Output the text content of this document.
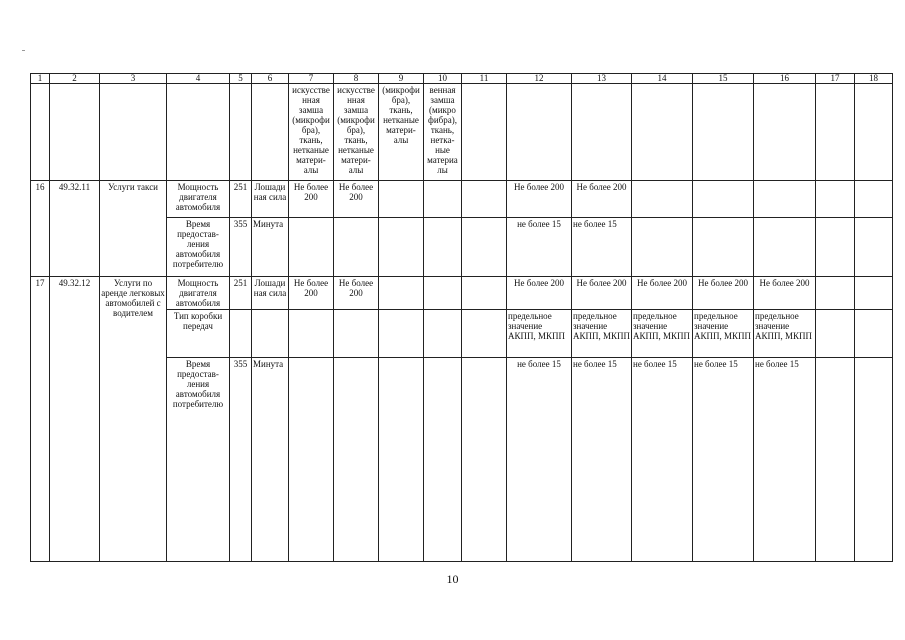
1	2	3	4	5	6	7	8	9	10	11	12	13	14	15	16	17	18
						искусстве нная замша (микрофи бра), ткань, нетканые матери- алы	искусстве нная замша (микрофи бра), ткань, нетканые матери- алы	(микрофи бра), ткань, нетканые матери- алы	венная замша (микро фибра), ткань, нетка- ные материа лы								
16	49.32.11	Услуги такси	Мощность двигателя автомобиля	251	Лошади ная сила	Не более 200	Не более 200				Не более 200	Не более 200					
			Время предостав- ления автомобиля потребителю	355	Минута						не более 15	не более 15					
17	49.32.12	Услуги по аренде легковых автомобилей с водителем	Мощность двигателя автомобиля	251	Лошади ная сила	Не более 200	Не более 200				Не более 200	Не более 200	Не более 200	Не более 200	Не более 200		
			Тип коробки передач								предельное значение АКПП, МКПП	предельное значение АКПП, МКПП	предельное значение АКПП, МКПП	предельное значение АКПП, МКПП	предельное значение АКПП, МКПП		
			Время предостав- ления автомобиля потребителю	355	Минута						не более 15	не более 15	не более 15	не более 15	не более 15		
10
